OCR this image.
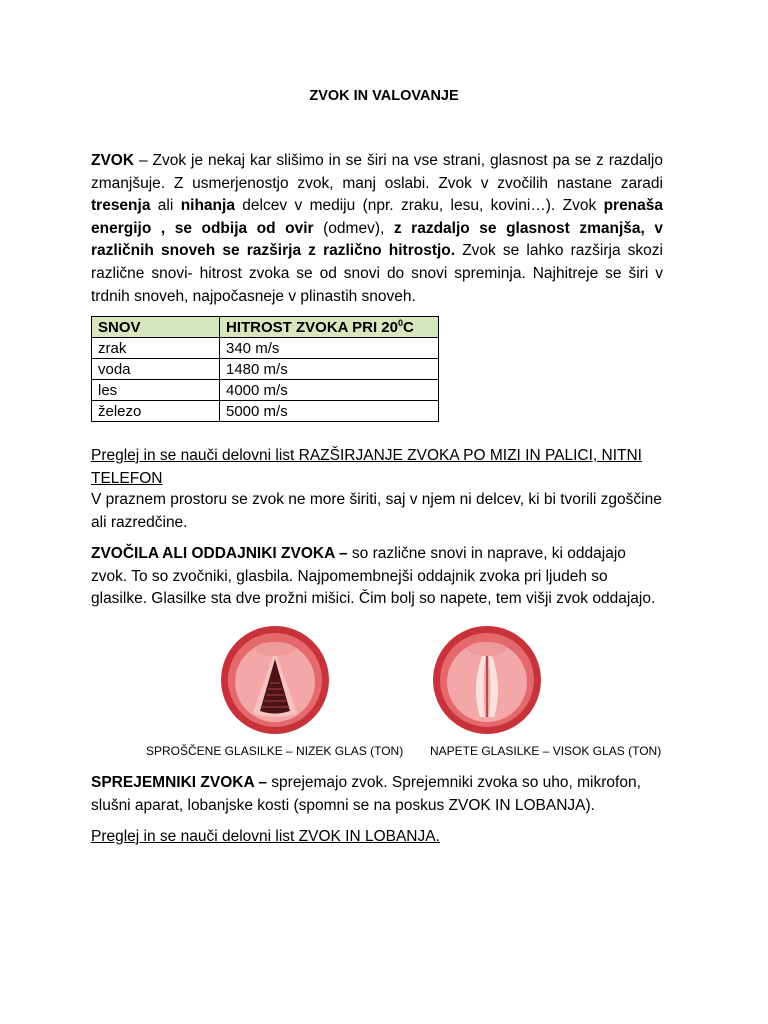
ZVOK IN VALOVANJE

ZVOK – Zvok je nekaj kar slišimo in se širi na vse strani, glasnost pa se z razdaljo zmanjšuje. Z usmerjenostjo zvok, manj oslabi. Zvok v zvočilih nastane zaradi tresenja ali nihanja delcev v mediju (npr. zraku, lesu, kovini…). Zvok prenaša energijo , se odbija od ovir (odmev), z razdaljo se glasnost zmanjša, v različnih snoveh se razširja z različno hitrostjo. Zvok se lahko razširja skozi različne snovi- hitrost zvoka se od snovi do snovi spreminja. Najhitreje se širi v trdnih snoveh, najpočasneje v plinastih snoveh.

SNOV	HITROST ZVOKA PRI $20^0C$
zrak	340 m/s
voda	1480 m/s
les	4000 m/s
železo	5000 m/s

Preglej in se nauči delovni list RAZŠIRJANJE ZVOKA PO MIZI IN PALICI, NITNI TELEFON

V praznem prostoru se zvok ne more širiti, saj v njem ni delcev, ki bi tvorili zgoščine ali razredčine.

ZVOČILA ALI ODDAJNIKI ZVOKA – so različne snovi in naprave, ki oddajajo zvok. To so zvočniki, glasbila. Najpomembnejši oddajnik zvoka pri ljudeh so glasilke. Glasilke sta dve prožni mišici. Čim bolj so napete, tem višji zvok oddajajo.

SPROŠČENE GLASILKE – NIZEK GLAS (TON) NAPETE GLASILKE – VISOK GLAS (TON)

SPREJEMNIKI ZVOKA – sprejemajo zvok. Sprejemniki zvoka so uho, mikrofon, slušni aparat, lobanjske kosti (spomni se na poskus ZVOK IN LOBANJA).

Preglej in se nauči delovni list ZVOK IN LOBANJA.
